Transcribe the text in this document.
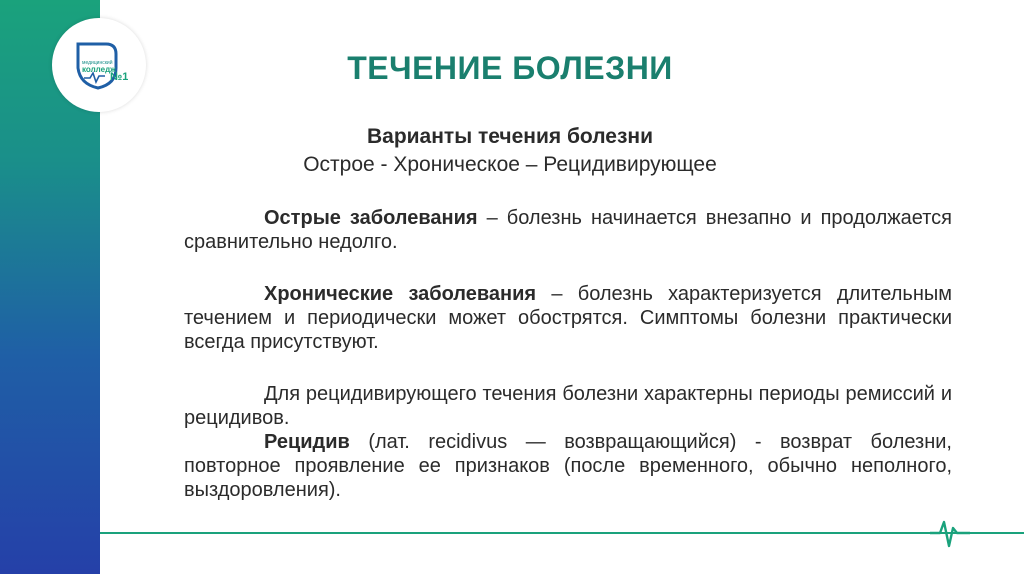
медицинский
колледж
№1	ТЕЧЕНИЕ БОЛЕЗНИ
Варианты течения болезни
Острое - Хроническое – Рецидивирующее
Острые заболевания – болезнь начинается внезапно и продолжается сравнительно недолго.
Хронические заболевания – болезнь характеризуется длительным течением и периодически может обострятся. Симптомы болезни практически всегда присутствуют.
Для рецидивирующего течения болезни характерны периоды ремиссий и рецидивов.
Рецидив (лат. recidivus — возвращающийся) - возврат болезни, повторное проявление ее признаков (после временного, обычно неполного, выздоровления).
